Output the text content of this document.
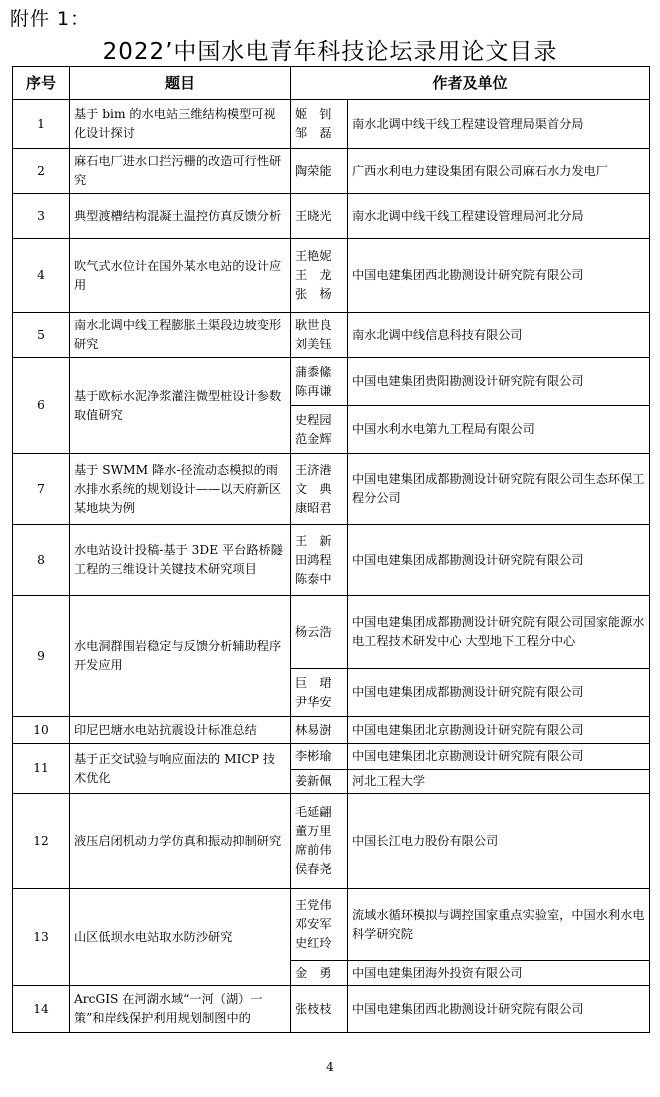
附件 1：
2022’中国水电青年科技论坛录用论文目录
序号	题目	作者及单位	
1	基于 bim 的水电站三维结构模型可视化设计探讨	姬　钊
邹　磊	南水北调中线干线工程建设管理局渠首分局
2	麻石电厂进水口拦污栅的改造可行性研究	陶荣能	广西水利电力建设集团有限公司麻石水力发电厂
3	典型渡槽结构混凝土温控仿真反馈分析	王晓光	南水北调中线干线工程建设管理局河北分局
4	吹气式水位计在国外某水电站的设计应用	王艳妮
王　龙
张　杨	中国电建集团西北勘测设计研究院有限公司
5	南水北调中线工程膨胀土渠段边坡变形研究	耿世良
刘美钰	南水北调中线信息科技有限公司
6	基于欧标水泥净浆灌注微型桩设计参数取值研究	蒲黍絛
陈再谦	中国电建集团贵阳勘测设计研究院有限公司

		史程园
范金辉	中国水利水电第九工程局有限公司
7	基于 SWMM 降水-径流动态模拟的雨水排水系统的规划设计——以天府新区某地块为例	王济港
文　典
康昭君	中国电建集团成都勘测设计研究院有限公司生态环保工程分公司
8	水电站设计投稿-基于 3DE 平台路桥隧工程的三维设计关键技术研究项目	王　新
田鸿程
陈泰中	中国电建集团成都勘测设计研究院有限公司
9	水电洞群围岩稳定与反馈分析辅助程序开发应用	杨云浩	中国电建集团成都勘测设计研究院有限公司国家能源水电工程技术研发中心 大型地下工程分中心

		巨　珺
尹华安	中国电建集团成都勘测设计研究院有限公司
10	印尼巴塘水电站抗震设计标准总结	林易澍	中国电建集团北京勘测设计研究院有限公司
11	基于正交试验与响应面法的 MICP 技术优化	李彬瑜	中国电建集团北京勘测设计研究院有限公司

		姜新佩	河北工程大学
12	液压启闭机动力学仿真和振动抑制研究	毛延翩
董万里
席前伟
侯春尧	中国长江电力股份有限公司
13	山区低坝水电站取水防沙研究	王党伟
邓安军
史红玲	流域水循环模拟与调控国家重点实验室，中国水利水电科学研究院

		金　勇	中国电建集团海外投资有限公司
14	ArcGIS 在河湖水域“一河（湖）一策”和岸线保护利用规划制图中的	张枝枝	中国电建集团西北勘测设计研究院有限公司
4
